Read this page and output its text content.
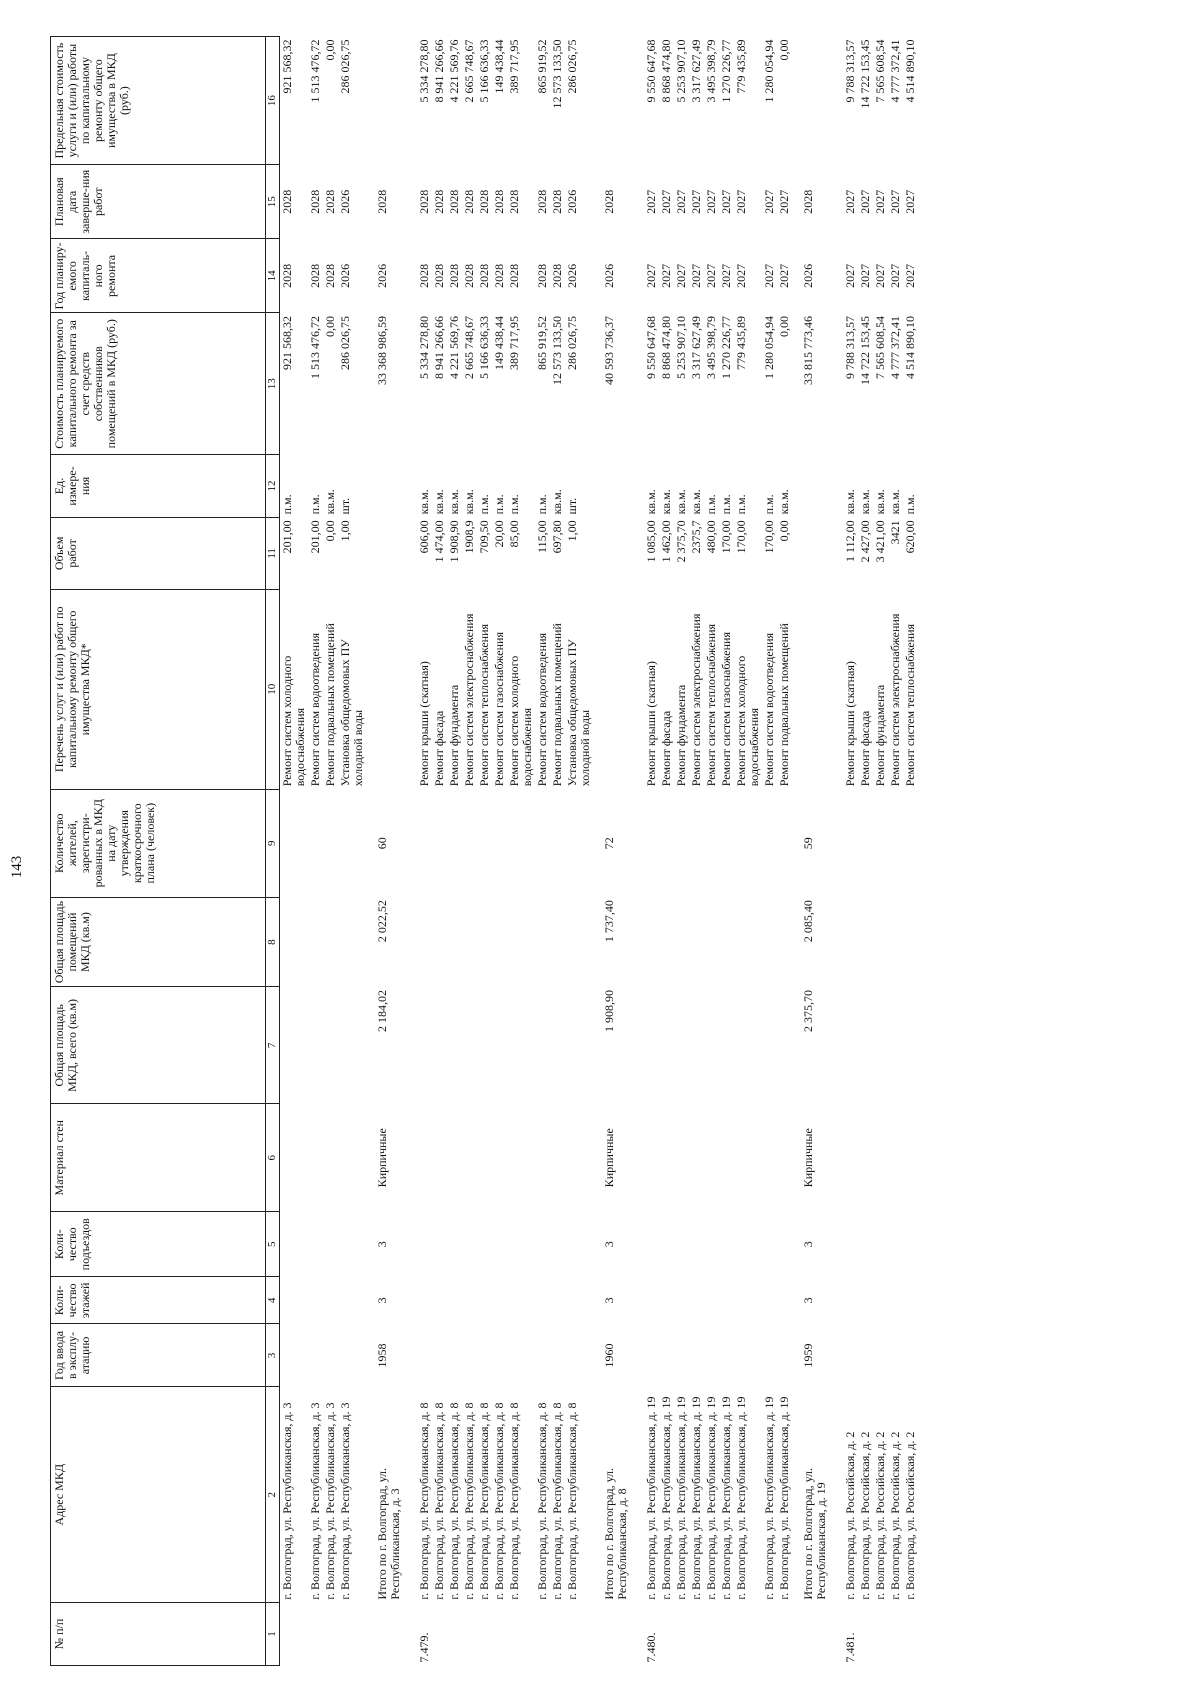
143
№ п/п	Адрес МКД	Год ввода в эксплу-атацию	Коли-чество этажей	Коли-чество подъездов	Материал стен	Общая площадь МКД, всего (кв.м)	Общая площадь помещений МКД (кв.м)	Количество жителей, зарегистри-рованных в МКД на дату утверждения краткосрочного плана (человек)	Перечень услуг и (или) работ по капитальному ремонту общего имущества МКД*	Объем работ	Ед. измере-ния	Стоимость планируемого капитального ремонта за счет средств собственников помещений в МКД (руб.)	Год планиру-емого капиталь-ного ремонта	Плановая дата заверше-ния работ	Предельная стоимость услуги и (или) работы по капитальному ремонту общего имущества в МКД (руб.)
1	2	3	4	5	6	7	8	9	10	11	12	13	14	15	16
	г. Волгоград, ул. Республиканская, д. 3								Ремонт систем холодного водоснабжения	201,00	п.м.	921 568,32	2028	2028	921 568,32
	г. Волгоград, ул. Республиканская, д. 3								Ремонт систем водоотведения	201,00	п.м.	1 513 476,72	2028	2028	1 513 476,72
	г. Волгоград, ул. Республиканская, д. 3								Ремонт подвальных помещений	0,00	кв.м.	0,00	2028	2028	0,00
	г. Волгоград, ул. Республиканская, д. 3								Установка общедомовых ПУ холодной воды	1,00	шт.	286 026,75	2026	2026	286 026,75
	Итого по г. Волгоград, ул. Республиканская, д. 3	1958	3	3	Кирпичные	2 184,02	2 022,52	60				33 368 986,59	2026	2028	
7.479.	г. Волгоград, ул. Республиканская, д. 8								Ремонт крыши (скатная)	606,00	кв.м.	5 334 278,80	2028	2028	5 334 278,80
	г. Волгоград, ул. Республиканская, д. 8								Ремонт фасада	1 474,00	кв.м.	8 941 266,66	2028	2028	8 941 266,66
	г. Волгоград, ул. Республиканская, д. 8								Ремонт фундамента	1 908,90	кв.м.	4 221 569,76	2028	2028	4 221 569,76
	г. Волгоград, ул. Республиканская, д. 8								Ремонт систем электроснабжения	1908,9	кв.м.	2 665 748,67	2028	2028	2 665 748,67
	г. Волгоград, ул. Республиканская, д. 8								Ремонт систем теплоснабжения	709,50	п.м.	5 166 636,33	2028	2028	5 166 636,33
	г. Волгоград, ул. Республиканская, д. 8								Ремонт систем газоснабжения	20,00	п.м.	149 438,44	2028	2028	149 438,44
	г. Волгоград, ул. Республиканская, д. 8								Ремонт систем холодного водоснабжения	85,00	п.м.	389 717,95	2028	2028	389 717,95
	г. Волгоград, ул. Республиканская, д. 8								Ремонт систем водоотведения	115,00	п.м.	865 919,52	2028	2028	865 919,52
	г. Волгоград, ул. Республиканская, д. 8								Ремонт подвальных помещений	697,80	кв.м.	12 573 133,50	2028	2028	12 573 133,50
	г. Волгоград, ул. Республиканская, д. 8								Установка общедомовых ПУ холодной воды	1,00	шт.	286 026,75	2026	2026	286 026,75
	Итого по г. Волгоград, ул. Республиканская, д. 8	1960	3	3	Кирпичные	1 908,90	1 737,40	72				40 593 736,37	2026	2028	
7.480.	г. Волгоград, ул. Республиканская, д. 19								Ремонт крыши (скатная)	1 085,00	кв.м.	9 550 647,68	2027	2027	9 550 647,68
	г. Волгоград, ул. Республиканская, д. 19								Ремонт фасада	1 462,00	кв.м.	8 868 474,80	2027	2027	8 868 474,80
	г. Волгоград, ул. Республиканская, д. 19								Ремонт фундамента	2 375,70	кв.м.	5 253 907,10	2027	2027	5 253 907,10
	г. Волгоград, ул. Республиканская, д. 19								Ремонт систем электроснабжения	2375,7	кв.м.	3 317 627,49	2027	2027	3 317 627,49
	г. Волгоград, ул. Республиканская, д. 19								Ремонт систем теплоснабжения	480,00	п.м.	3 495 398,79	2027	2027	3 495 398,79
	г. Волгоград, ул. Республиканская, д. 19								Ремонт систем газоснабжения	170,00	п.м.	1 270 226,77	2027	2027	1 270 226,77
	г. Волгоград, ул. Республиканская, д. 19								Ремонт систем холодного водоснабжения	170,00	п.м.	779 435,89	2027	2027	779 435,89
	г. Волгоград, ул. Республиканская, д. 19								Ремонт систем водоотведения	170,00	п.м.	1 280 054,94	2027	2027	1 280 054,94
	г. Волгоград, ул. Республиканская, д. 19								Ремонт подвальных помещений	0,00	кв.м.	0,00	2027	2027	0,00
	Итого по г. Волгоград, ул. Республиканская, д. 19	1959	3	3	Кирпичные	2 375,70	2 085,40	59				33 815 773,46	2026	2028	
7.481.	г. Волгоград, ул. Российская, д. 2								Ремонт крыши (скатная)	1 112,00	кв.м.	9 788 313,57	2027	2027	9 788 313,57
	г. Волгоград, ул. Российская, д. 2								Ремонт фасада	2 427,00	кв.м.	14 722 153,45	2027	2027	14 722 153,45
	г. Волгоград, ул. Российская, д. 2								Ремонт фундамента	3 421,00	кв.м.	7 565 608,54	2027	2027	7 565 608,54
	г. Волгоград, ул. Российская, д. 2								Ремонт систем электроснабжения	3421	кв.м.	4 777 372,41	2027	2027	4 777 372,41
	г. Волгоград, ул. Российская, д. 2								Ремонт систем теплоснабжения	620,00	п.м.	4 514 890,10	2027	2027	4 514 890,10
